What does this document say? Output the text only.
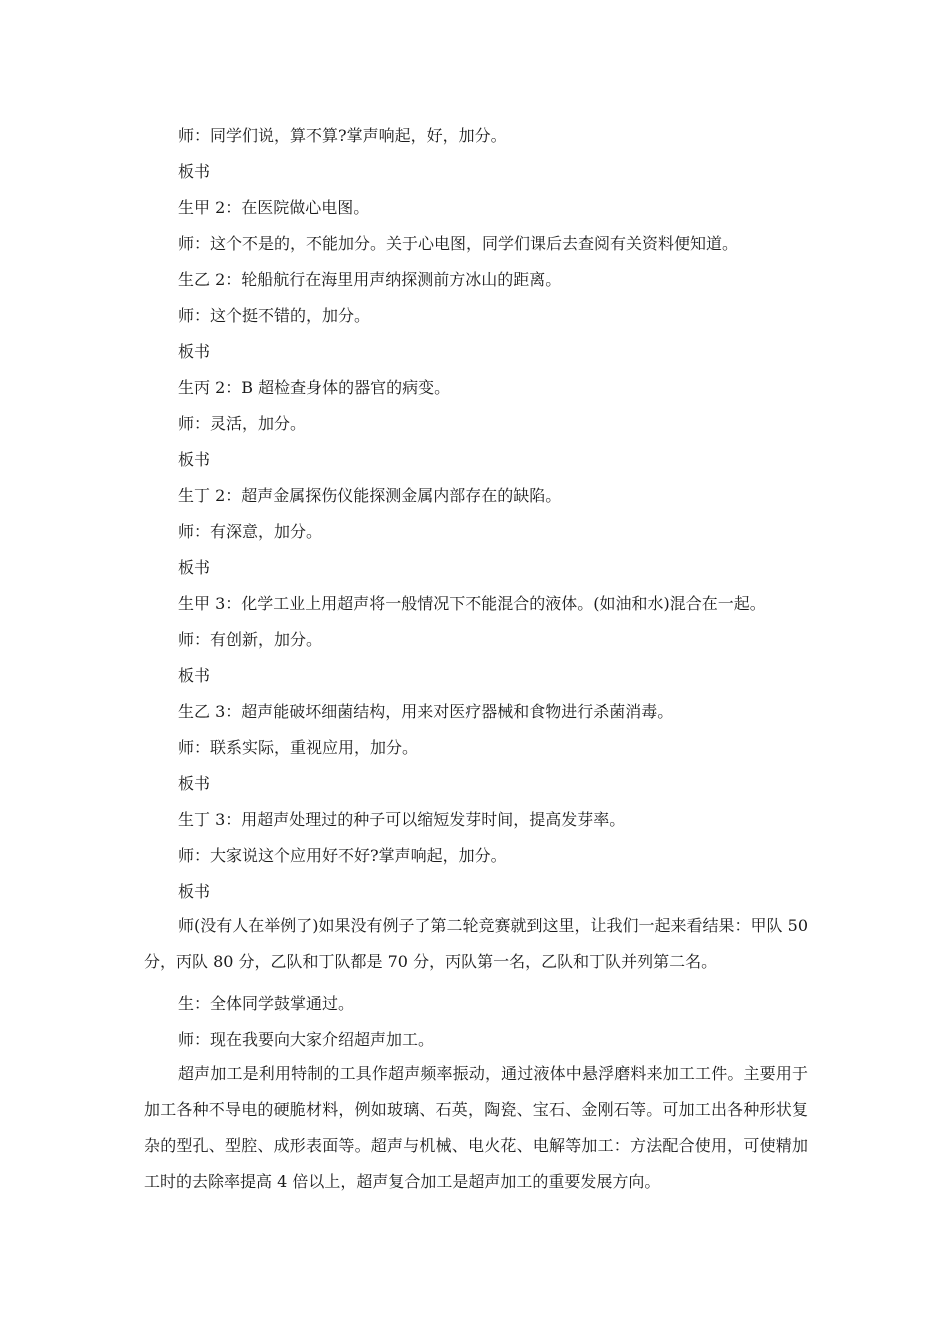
师：同学们说，算不算?掌声响起，好，加分。
板书
生甲 2：在医院做心电图。
师：这个不是的，不能加分。关于心电图，同学们课后去查阅有关资料便知道。
生乙 2：轮船航行在海里用声纳探测前方冰山的距离。
师：这个挺不错的，加分。
板书
生丙 2：B 超检查身体的器官的病变。
师：灵活，加分。
板书
生丁 2：超声金属探伤仪能探测金属内部存在的缺陷。
师：有深意，加分。
板书
生甲 3：化学工业上用超声将一般情况下不能混合的液体。(如油和水)混合在一起。
师：有创新，加分。
板书
生乙 3：超声能破坏细菌结构，用来对医疗器械和食物进行杀菌消毒。
师：联系实际，重视应用，加分。
板书
生丁 3：用超声处理过的种子可以缩短发芽时间，提高发芽率。
师：大家说这个应用好不好?掌声响起，加分。
板书
师(没有人在举例了)如果没有例子了第二轮竞赛就到这里，让我们一起来看结果：甲队 50 分，丙队 80 分，乙队和丁队都是 70 分，丙队第一名，乙队和丁队并列第二名。
生：全体同学鼓掌通过。
师：现在我要向大家介绍超声加工。
超声加工是利用特制的工具作超声频率振动，通过液体中悬浮磨料来加工工件。主要用于加工各种不导电的硬脆材料，例如玻璃、石英，陶瓷、宝石、金刚石等。可加工出各种形状复杂的型孔、型腔、成形表面等。超声与机械、电火花、电解等加工：方法配合使用，可使精加工时的去除率提高 4 倍以上，超声复合加工是超声加工的重要发展方向。
